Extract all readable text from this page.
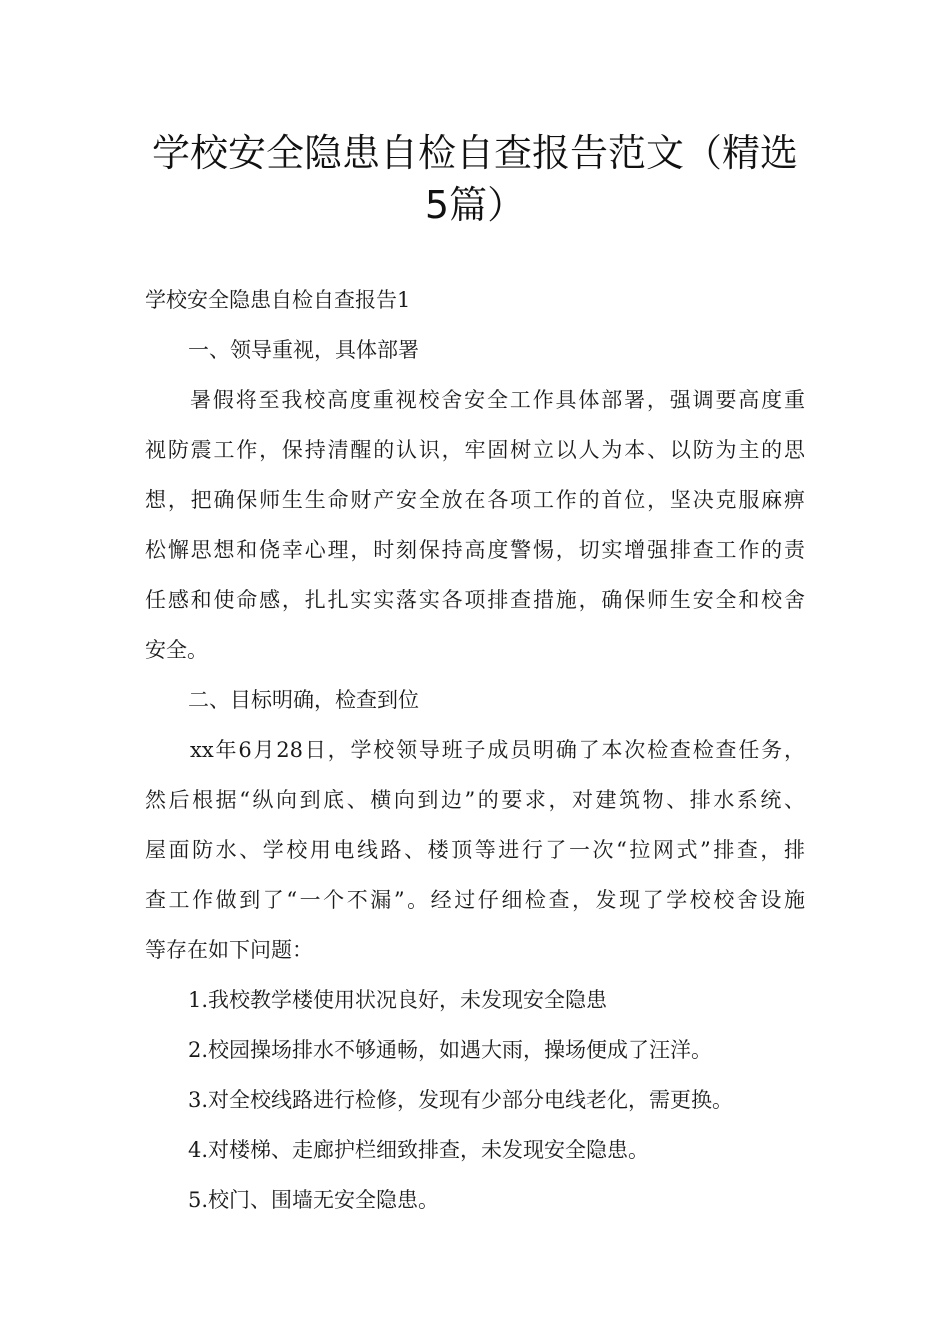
学校安全隐患自检自查报告范文（精选
5篇）
学校安全隐患自检自查报告1
一、领导重视，具体部署
暑假将至我校高度重视校舍安全工作具体部署，强调要高度重
视防震工作，保持清醒的认识，牢固树立以人为本、以防为主的思
想，把确保师生生命财产安全放在各项工作的首位，坚决克服麻痹
松懈思想和侥幸心理，时刻保持高度警惕，切实增强排查工作的责
任感和使命感，扎扎实实落实各项排查措施，确保师生安全和校舍
安全。
二、目标明确，检查到位
xx年6月28日，学校领导班子成员明确了本次检查检查任务，
然后根据“纵向到底、横向到边”的要求，对建筑物、排水系统、
屋面防水、学校用电线路、楼顶等进行了一次“拉网式”排查，排
查工作做到了“一个不漏”。经过仔细检查，发现了学校校舍设施
等存在如下问题：
1.我校教学楼使用状况良好，未发现安全隐患
2.校园操场排水不够通畅，如遇大雨，操场便成了汪洋。
3.对全校线路进行检修，发现有少部分电线老化，需更换。
4.对楼梯、走廊护栏细致排查，未发现安全隐患。
5.校门、围墙无安全隐患。
